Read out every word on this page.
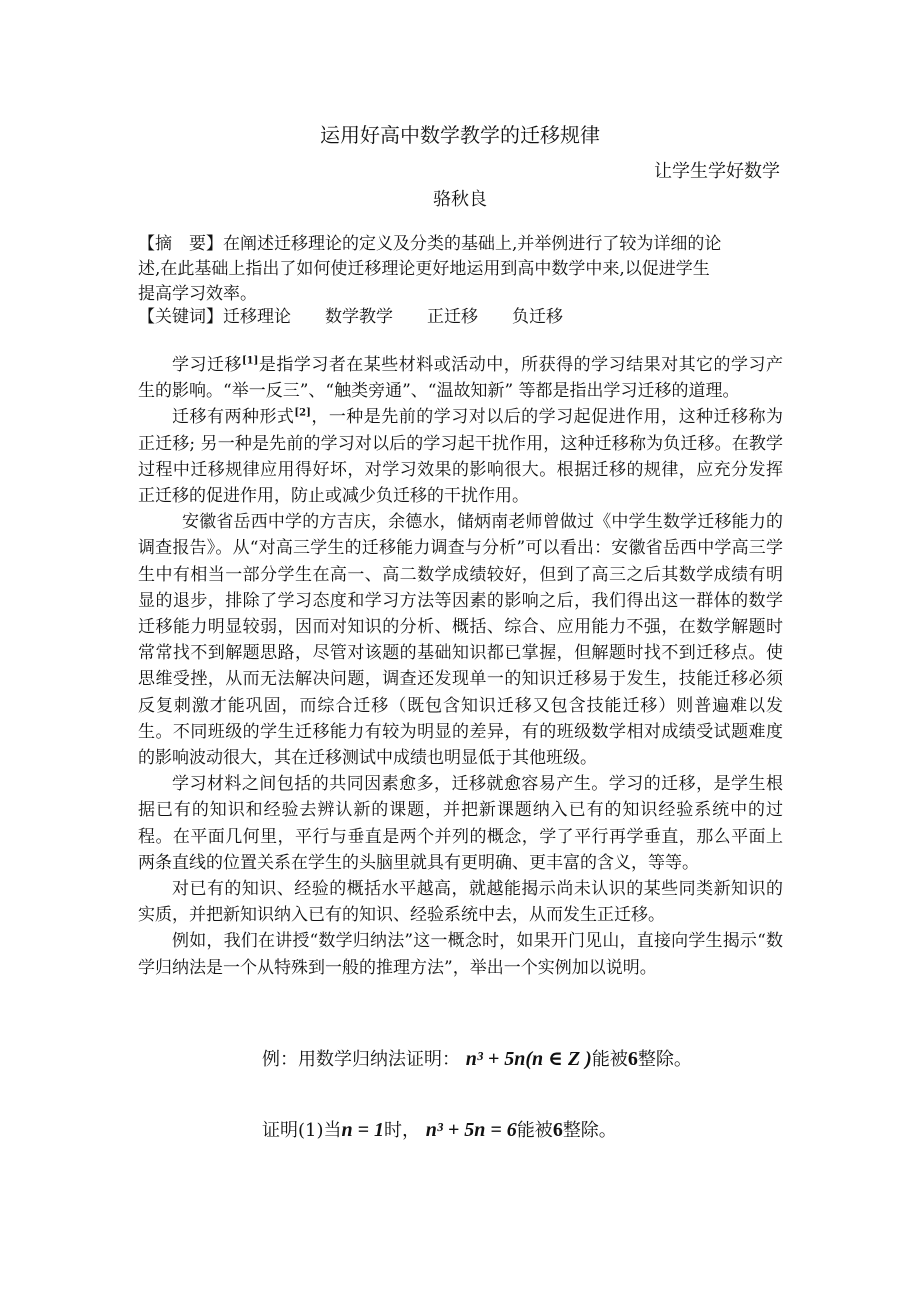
运用好高中数学教学的迁移规律
让学生学好数学
骆秋良

【摘　要】在阐述迁移理论的定义及分类的基础上,并举例进行了较为详细的论

述,在此基础上指出了如何使迁移理论更好地运用到高中数学中来,以促进学生

提高学习效率。

【关键词】迁移理论 数学教学 正迁移 负迁移

学习迁移[1]是指学习者在某些材料或活动中，所获得的学习结果对其它的学习产生的影响。“举一反三”、“触类旁通”、“温故知新” 等都是指出学习迁移的道理。

迁移有两种形式[2]，一种是先前的学习对以后的学习起促进作用，这种迁移称为正迁移; 另一种是先前的学习对以后的学习起干扰作用，这种迁移称为负迁移。在教学过程中迁移规律应用得好坏，对学习效果的影响很大。根据迁移的规律，应充分发挥正迁移的促进作用，防止或减少负迁移的干扰作用。

安徽省岳西中学的方吉庆，余德水，储炳南老师曾做过《中学生数学迁移能力的调查报告》。从“对高三学生的迁移能力调查与分析”可以看出：安徽省岳西中学高三学生中有相当一部分学生在高一、高二数学成绩较好，但到了高三之后其数学成绩有明显的退步，排除了学习态度和学习方法等因素的影响之后，我们得出这一群体的数学迁移能力明显较弱，因而对知识的分析、概括、综合、应用能力不强，在数学解题时常常找不到解题思路，尽管对该题的基础知识都已掌握，但解题时找不到迁移点。使思维受挫，从而无法解决问题，调查还发现单一的知识迁移易于发生，技能迁移必须反复刺激才能巩固，而综合迁移（既包含知识迁移又包含技能迁移）则普遍难以发生。不同班级的学生迁移能力有较为明显的差异，有的班级数学相对成绩受试题难度的影响波动很大，其在迁移测试中成绩也明显低于其他班级。

学习材料之间包括的共同因素愈多，迁移就愈容易产生。学习的迁移，是学生根据已有的知识和经验去辨认新的课题，并把新课题纳入已有的知识经验系统中的过程。在平面几何里，平行与垂直是两个并列的概念，学了平行再学垂直，那么平面上两条直线的位置关系在学生的头脑里就具有更明确、更丰富的含义，等等。

对已有的知识、经验的概括水平越高，就越能揭示尚未认识的某些同类新知识的实质，并把新知识纳入已有的知识、经验系统中去，从而发生正迁移。

例如，我们在讲授“数学归纳法”这一概念时，如果开门见山，直接向学生揭示“数学归纳法是一个从特殊到一般的推理方法”，举出一个实例加以说明。

例：用数学归纳法证明： n³ + 5n(n ∈ Z )能被6整除。
证明(1)当n = 1时， n³ + 5n = 6能被6整除。
